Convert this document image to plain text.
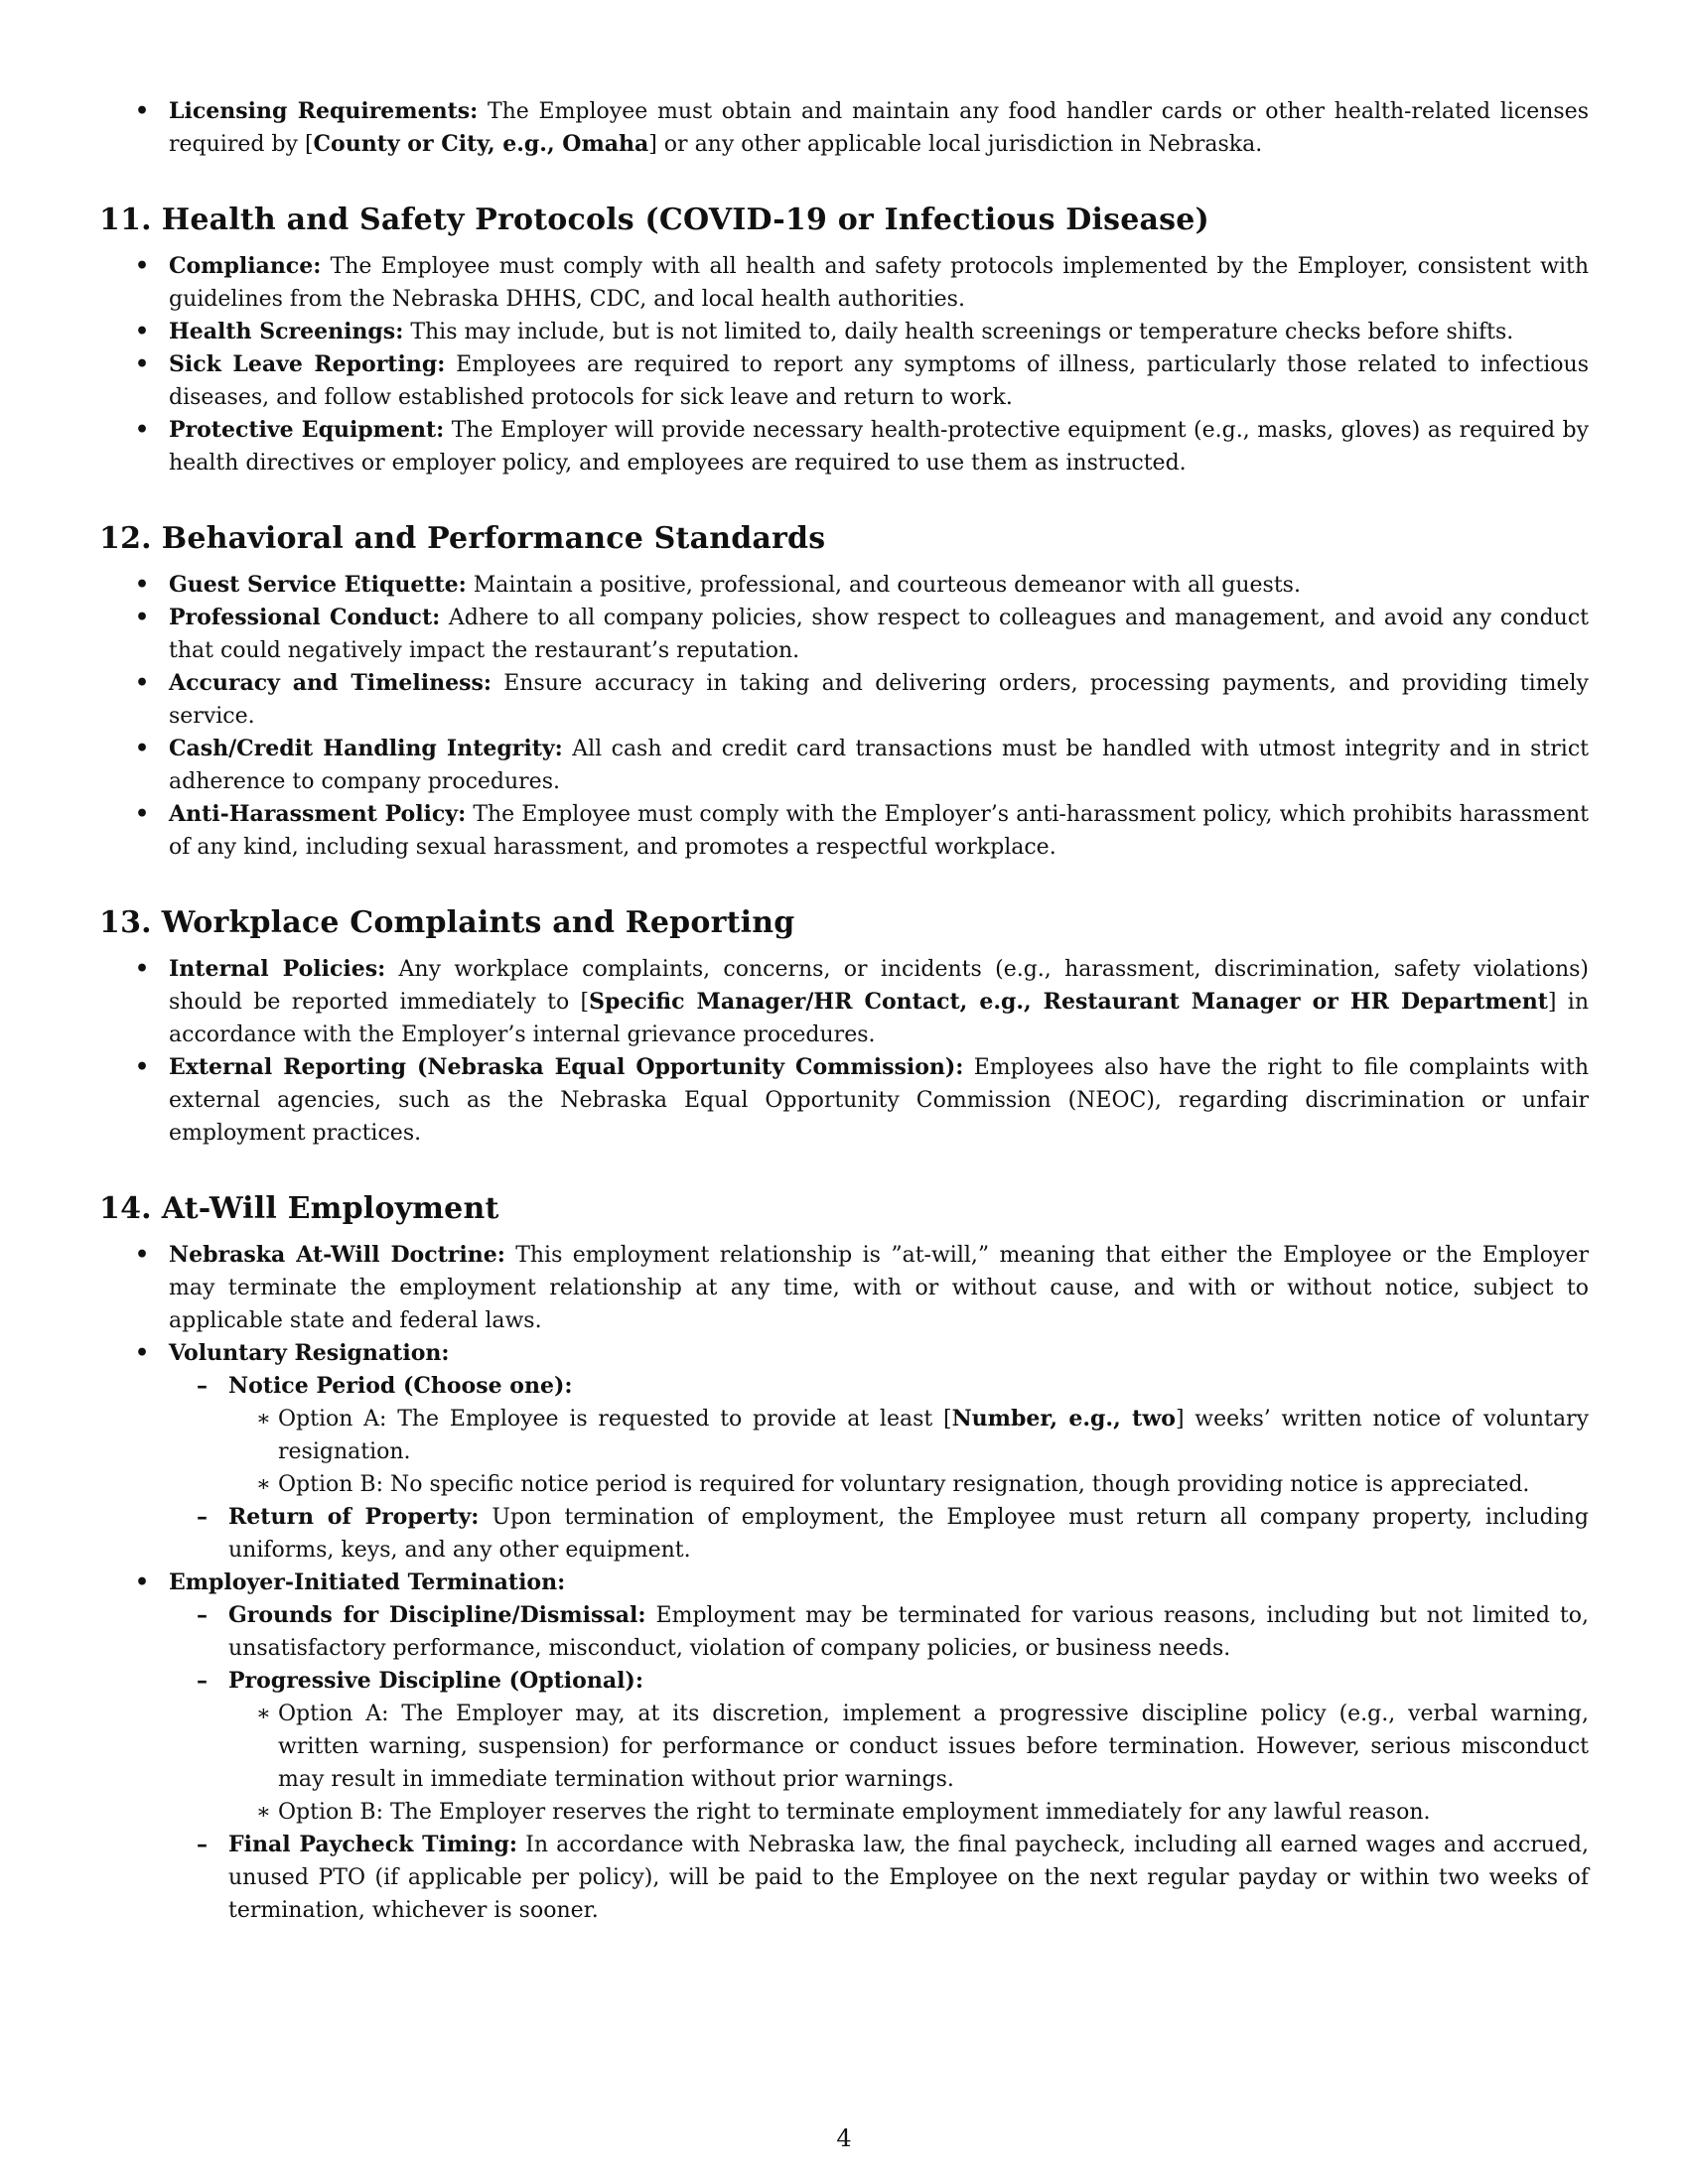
• Licensing Requirements: The Employee must obtain and maintain any food handler cards or other health-related licenses required by [County or City, e.g., Omaha] or any other applicable local jurisdiction in Nebraska.
11. Health and Safety Protocols (COVID-19 or Infectious Disease)
• Compliance: The Employee must comply with all health and safety protocols implemented by the Employer, consistent with guidelines from the Nebraska DHHS, CDC, and local health authorities.
• Health Screenings: This may include, but is not limited to, daily health screenings or temperature checks before shifts.
• Sick Leave Reporting: Employees are required to report any symptoms of illness, particularly those related to infectious diseases, and follow established protocols for sick leave and return to work.
• Protective Equipment: The Employer will provide necessary health-protective equipment (e.g., masks, gloves) as required by health directives or employer policy, and employees are required to use them as instructed.
12. Behavioral and Performance Standards
• Guest Service Etiquette: Maintain a positive, professional, and courteous demeanor with all guests.
• Professional Conduct: Adhere to all company policies, show respect to colleagues and management, and avoid any conduct that could negatively impact the restaurant’s reputation.
• Accuracy and Timeliness: Ensure accuracy in taking and delivering orders, processing payments, and providing timely service.
• Cash/Credit Handling Integrity: All cash and credit card transactions must be handled with utmost integrity and in strict adherence to company procedures.
• Anti-Harassment Policy: The Employee must comply with the Employer’s anti-harassment policy, which prohibits harassment of any kind, including sexual harassment, and promotes a respectful workplace.
13. Workplace Complaints and Reporting
• Internal Policies: Any workplace complaints, concerns, or incidents (e.g., harassment, discrimination, safety violations) should be reported immediately to [Specific Manager/HR Contact, e.g., Restaurant Manager or HR Department] in accordance with the Employer’s internal grievance procedures.
• External Reporting (Nebraska Equal Opportunity Commission): Employees also have the right to file complaints with external agencies, such as the Nebraska Equal Opportunity Commission (NEOC), regarding discrimination or unfair employment practices.
14. At-Will Employment
• Nebraska At-Will Doctrine: This employment relationship is ”at-will,” meaning that either the Employee or the Employer may terminate the employment relationship at any time, with or without cause, and with or without notice, subject to applicable state and federal laws.
• Voluntary Resignation:
– Notice Period (Choose one):
∗ Option A: The Employee is requested to provide at least [Number, e.g., two] weeks’ written notice of voluntary resignation.
∗ Option B: No specific notice period is required for voluntary resignation, though providing notice is appreciated.
– Return of Property: Upon termination of employment, the Employee must return all company property, including uniforms, keys, and any other equipment.
• Employer-Initiated Termination:
– Grounds for Discipline/Dismissal: Employment may be terminated for various reasons, including but not limited to, unsatisfactory performance, misconduct, violation of company policies, or business needs.
– Progressive Discipline (Optional):
∗ Option A: The Employer may, at its discretion, implement a progressive discipline policy (e.g., verbal warning, written warning, suspension) for performance or conduct issues before termination. However, serious misconduct may result in immediate termination without prior warnings.
∗ Option B: The Employer reserves the right to terminate employment immediately for any lawful reason.
– Final Paycheck Timing: In accordance with Nebraska law, the final paycheck, including all earned wages and accrued, unused PTO (if applicable per policy), will be paid to the Employee on the next regular payday or within two weeks of termination, whichever is sooner.
4
